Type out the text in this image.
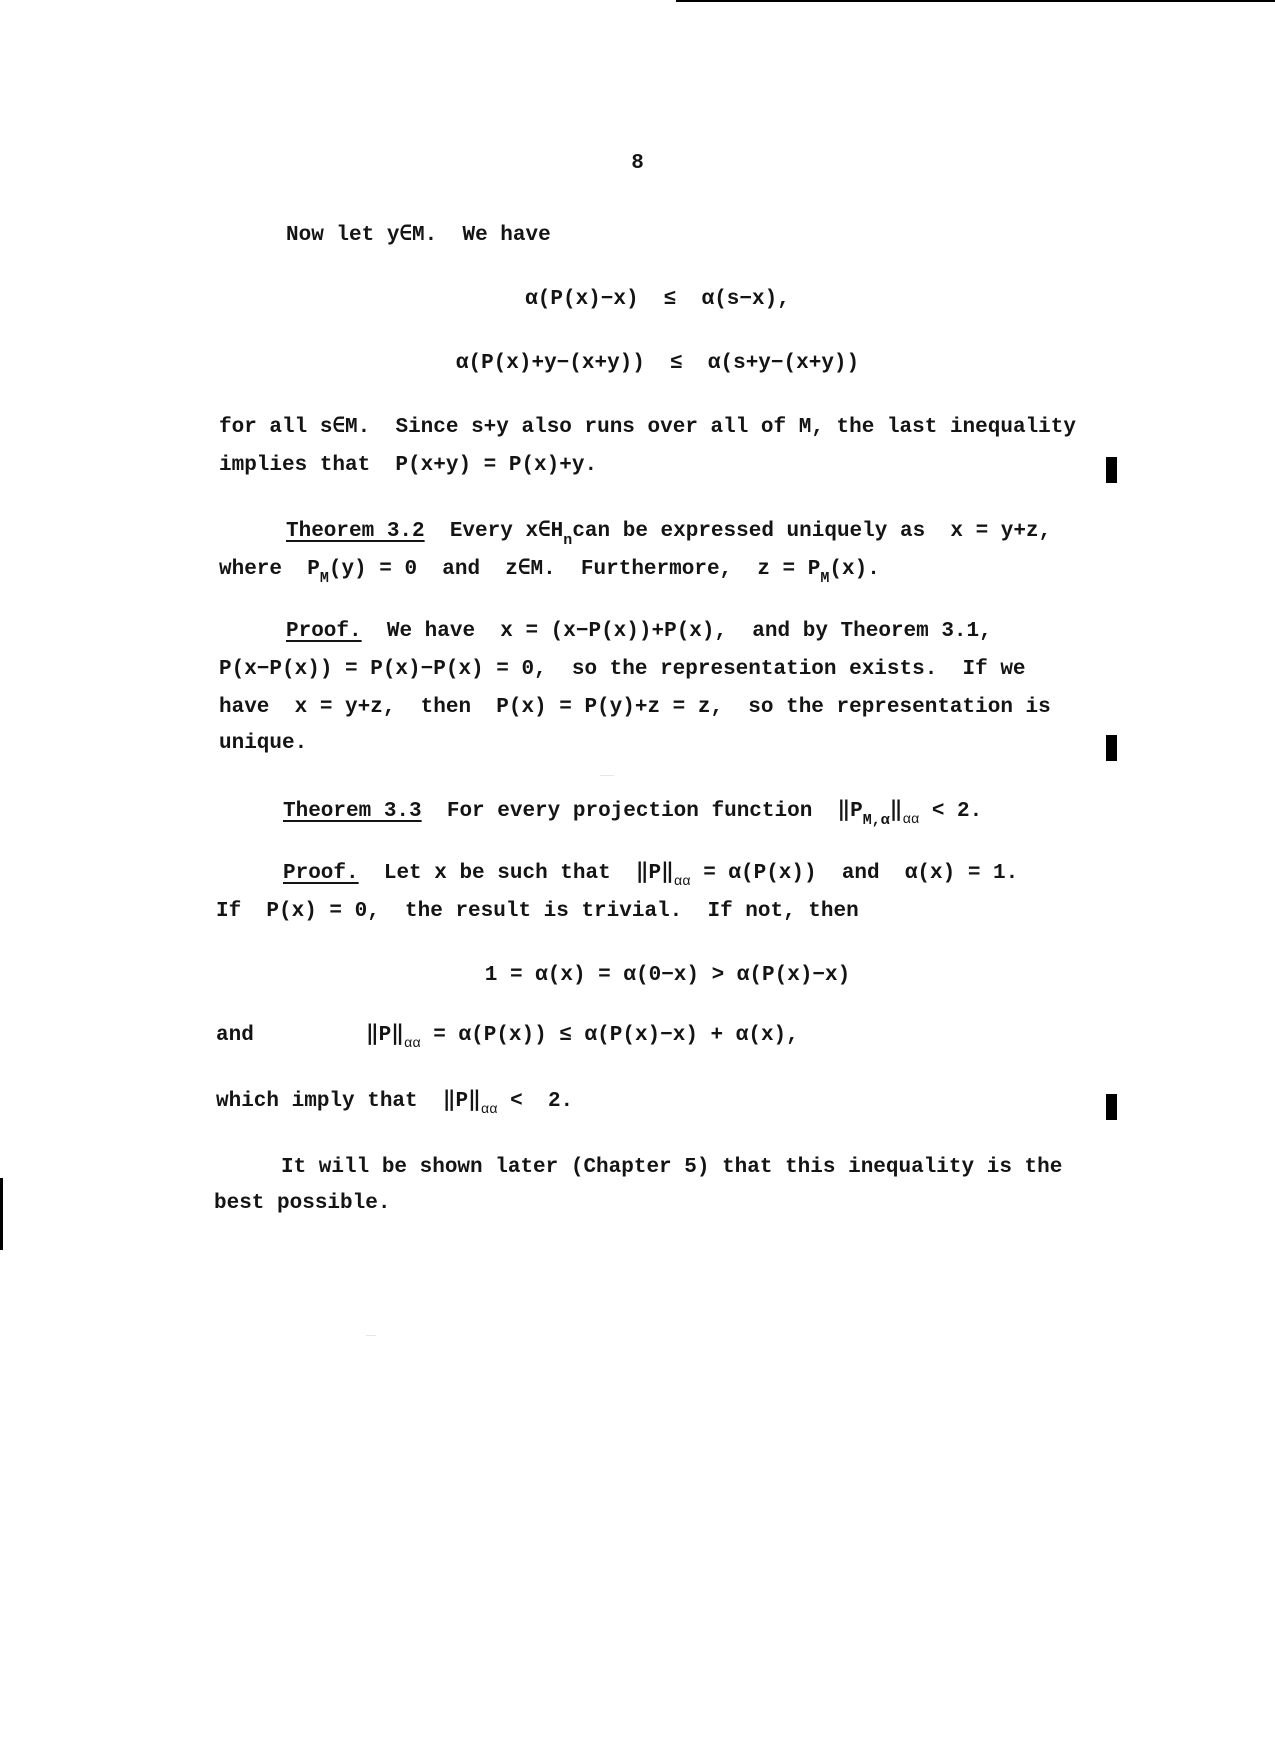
8
Now let y∈M.  We have
α(P(x)−x)  ≤  α(s−x),
α(P(x)+y−(x+y))  ≤  α(s+y−(x+y))
for all s∈M.  Since s+y also runs over all of M, the last inequality
implies that  P(x+y) = P(x)+y.
Theorem 3.2  Every $x\in H_ncan$ be expressed uniquely as  x = y+z,
where  $P_M(y) = 0$  and  z∈M.  Furthermore,  $z = P_M(x)$.
Proof. We have  x = (x−P(x))+P(x),  and by Theorem 3.1,
P(x−P(x)) = P(x)−P(x) = 0,  so the representation exists.  If we
have  x = y+z,  then  P(x) = P(y)+z = z,  so the representation is
unique.
Theorem 3.3 For every projection function  $‖P_{M,\alpha}‖_{\alpha\alpha} < 2$.
Proof. Let x be such that  $‖P‖_{\alpha\alpha} = \alpha(P(x))$  and  α(x) = 1.
If  P(x) = 0,  the result is trivial.  If not, then
1 = α(x) = α(0−x) > α(P(x)−x)
and	$‖P‖_{\alpha\alpha} = \alpha(P(x)) \le \alpha(P(x)-x) + \alpha(x)$,
which imply that  $‖P‖_{\alpha\alpha} < 2$.
It will be shown later (Chapter 5) that this inequality is the
best possible.
